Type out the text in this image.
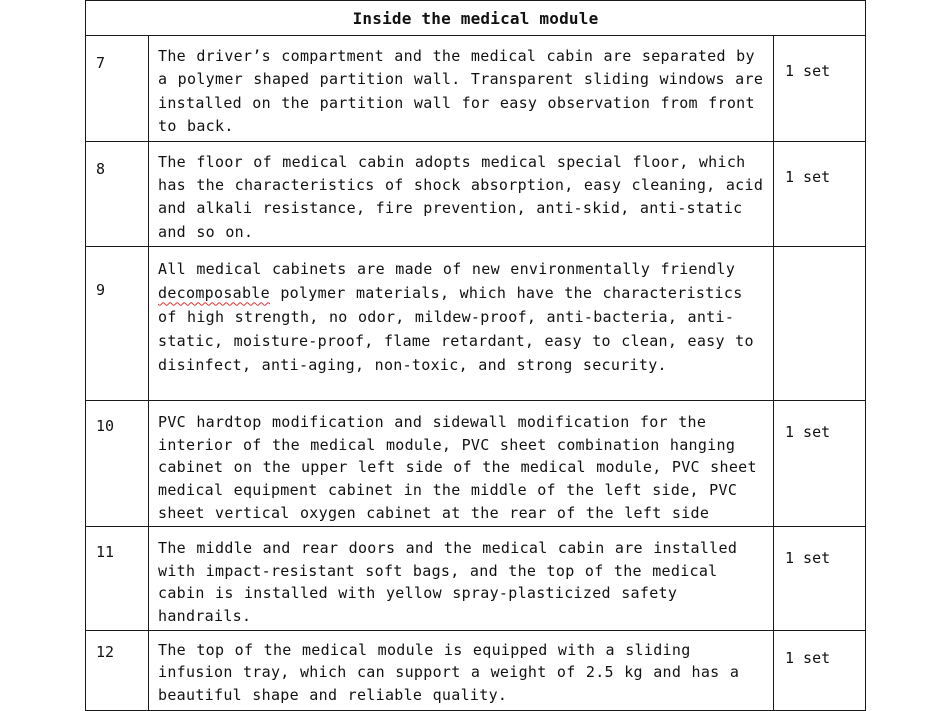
Inside the medical module		
7	The driver’s compartment and the medical cabin are separated by a polymer shaped partition wall. Transparent sliding windows are installed on the partition wall for easy observation from front to back.	1 set
8	The floor of medical cabin adopts medical special floor, which has the characteristics of shock absorption, easy cleaning, acid and alkali resistance, fire prevention, anti-skid, anti-static and so on.	1 set
9	All medical cabinets are made of new environmentally friendly decomposable polymer materials, which have the characteristics of high strength, no odor, mildew-proof, anti-bacteria, anti-static, moisture-proof, flame retardant, easy to clean, easy to disinfect, anti-aging, non-toxic, and strong security.	
10	PVC hardtop modification and sidewall modification for the interior of the medical module, PVC sheet combination hanging cabinet on the upper left side of the medical module, PVC sheet medical equipment cabinet in the middle of the left side, PVC sheet vertical oxygen cabinet at the rear of the left side	1 set
11	The middle and rear doors and the medical cabin are installed with impact-resistant soft bags, and the top of the medical cabin is installed with yellow spray-plasticized safety handrails.	1 set
12	The top of the medical module is equipped with a sliding infusion tray, which can support a weight of 2.5 kg and has a beautiful shape and reliable quality.	1 set
